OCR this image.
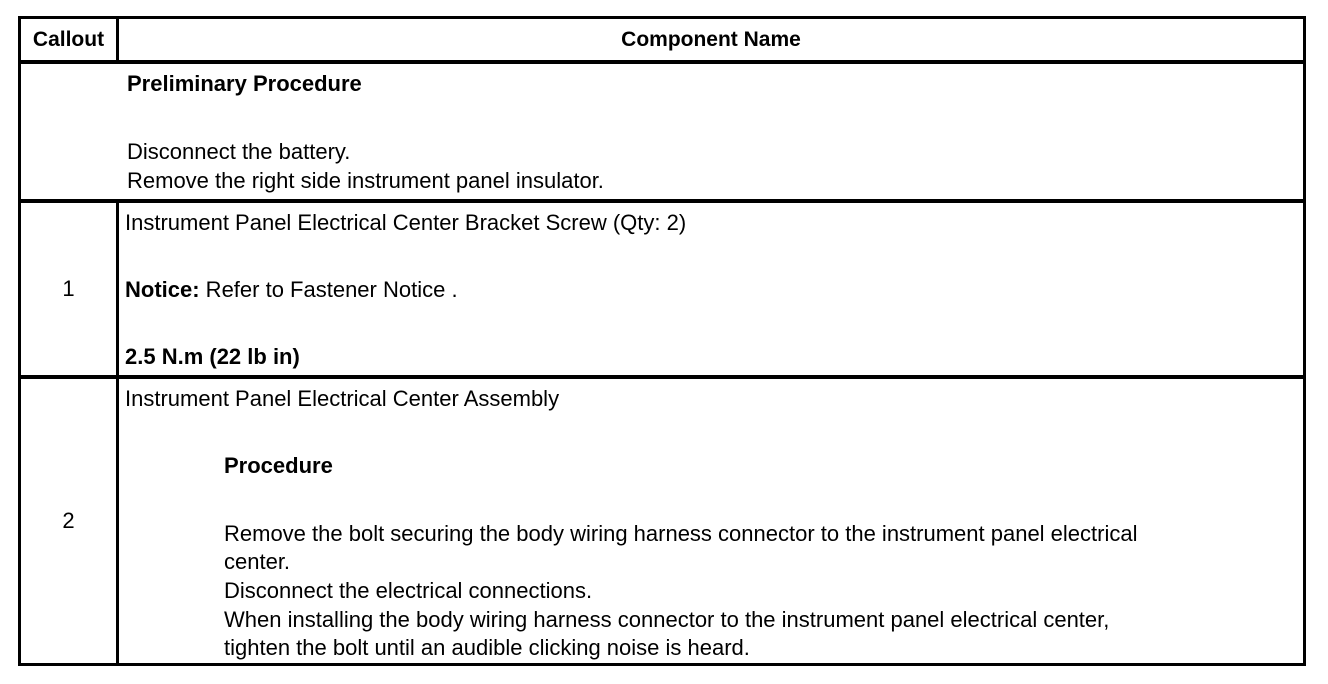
Callout	Component Name
Preliminary Procedure
Disconnect the battery.
Remove the right side instrument panel insulator.
1
Instrument Panel Electrical Center Bracket Screw (Qty: 2)
Notice: Refer to Fastener Notice .
2.5 N.m (22 lb in)
2
Instrument Panel Electrical Center Assembly
Procedure
Remove the bolt securing the body wiring harness connector to the instrument panel electrical
center.
Disconnect the electrical connections.
When installing the body wiring harness connector to the instrument panel electrical center,
tighten the bolt until an audible clicking noise is heard.
